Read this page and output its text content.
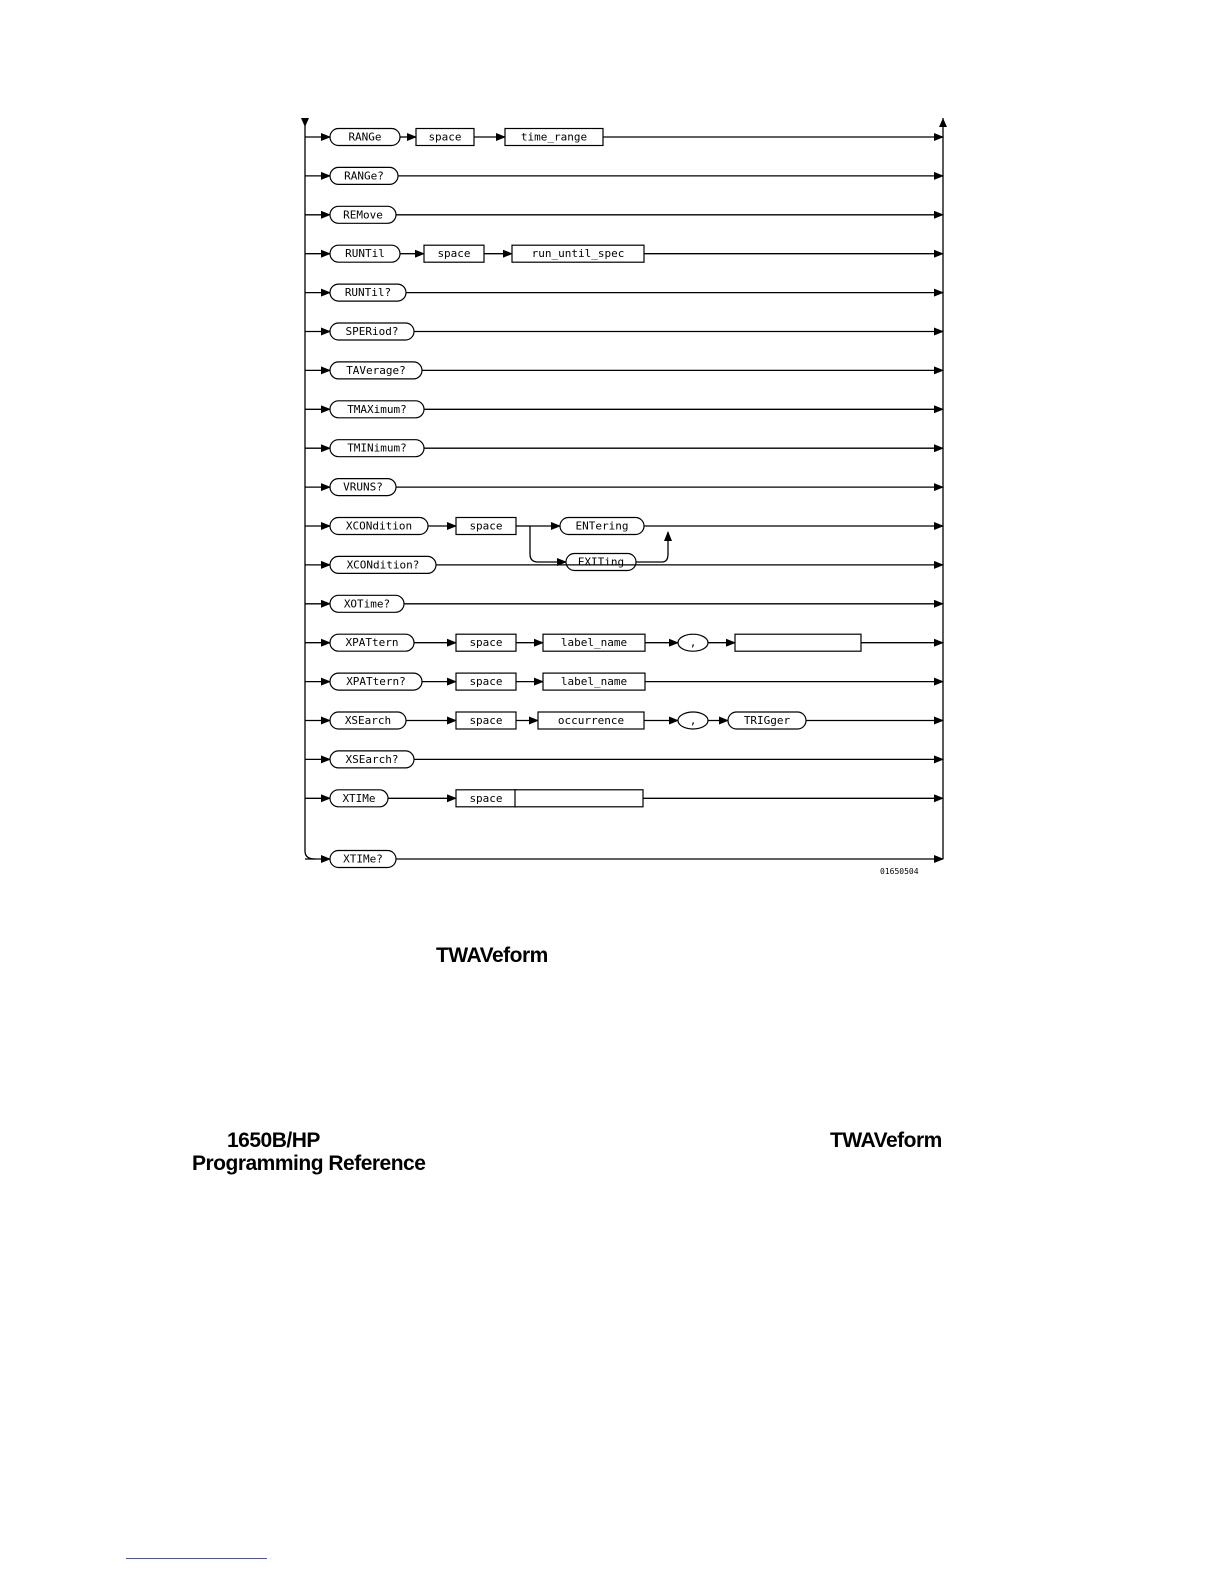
RANGe	space	time_range
RANGe?
REMove
RUNTil	space	run_until_spec
RUNTil?
SPERiod?
TAVerage?
TMAXimum?
TMINimum?
VRUNS?
XCONdition	space	ENTering
EXITing
XCONdition?
XOTime?
XPATtern	space	label_name	,
XPATtern?	space	label_name
XSEarch	space	occurrence	,	TRIGger
XSEarch?
XTIMe	space
XTIMe?
01650504
TWAVeform
1650B/HP
Programming Reference
TWAVeform
